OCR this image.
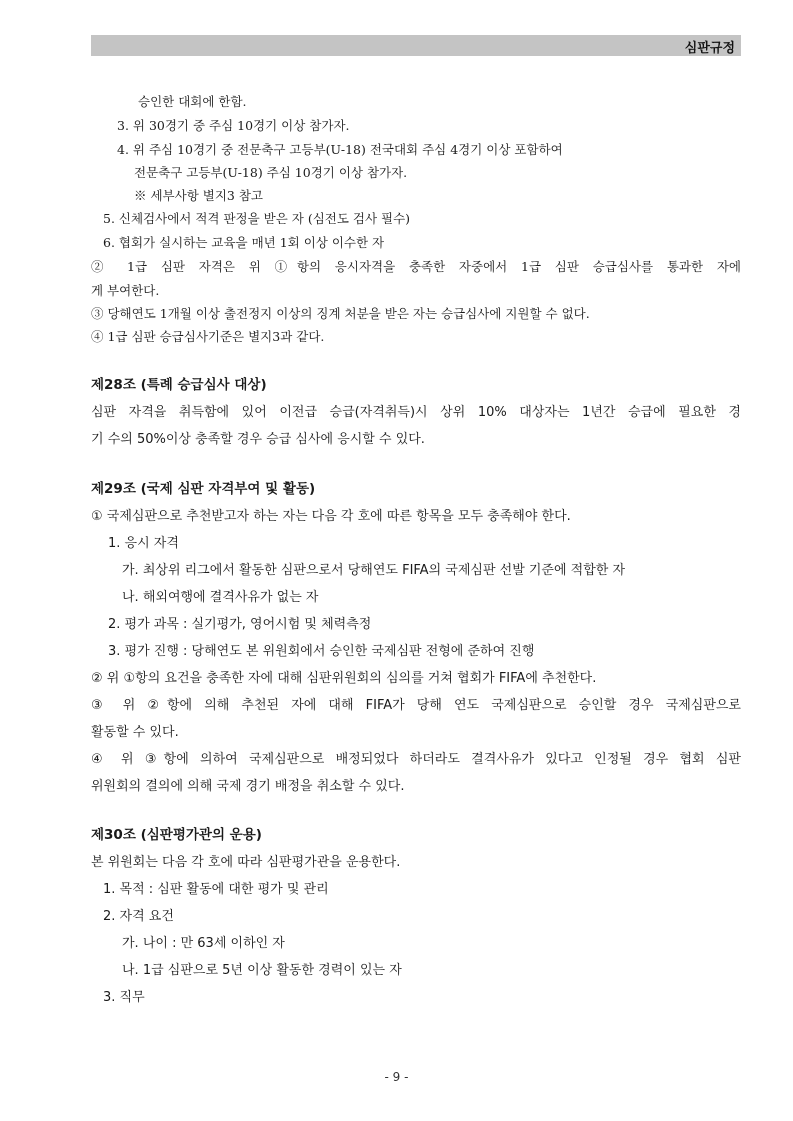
심판규정
승인한 대회에 한함.
3. 위 30경기 중 주심 10경기 이상 참가자.
4. 위 주심 10경기 중 전문축구 고등부(U-18) 전국대회 주심 4경기 이상 포함하여
전문축구 고등부(U-18) 주심 10경기 이상 참가자.
※ 세부사항 별지3 참고
5. 신체검사에서 적격 판정을 받은 자 (심전도 검사 필수)
6. 협회가 실시하는 교육을 매년 1회 이상 이수한 자
② 1급 심판 자격은 위 ①항의 응시자격을 충족한 자중에서 1급 심판 승급심사를 통과한 자에
게 부여한다.
③ 당해연도 1개월 이상 출전정지 이상의 징계 처분을 받은 자는 승급심사에 지원할 수 없다.
④ 1급 심판 승급심사기준은 별지3과 같다.
제28조 (특례 승급심사 대상)
심판 자격을 취득함에 있어 이전급 승급(자격취득)시 상위 10% 대상자는 1년간 승급에 필요한 경
기 수의 50%이상 충족할 경우 승급 심사에 응시할 수 있다.
제29조 (국제 심판 자격부여 및 활동)
① 국제심판으로 추천받고자 하는 자는 다음 각 호에 따른 항목을 모두 충족해야 한다.
1. 응시 자격
가. 최상위 리그에서 활동한 심판으로서 당해연도 FIFA의 국제심판 선발 기준에 적합한 자
나. 해외여행에 결격사유가 없는 자
2. 평가 과목 : 실기평가, 영어시험 및 체력측정
3. 평가 진행 : 당해연도 본 위원회에서 승인한 국제심판 전형에 준하여 진행
② 위 ①항의 요건을 충족한 자에 대해 심판위원회의 심의를 거쳐 협회가 FIFA에 추천한다.
③ 위 ②항에 의해 추천된 자에 대해 FIFA가 당해 연도 국제심판으로 승인할 경우 국제심판으로
활동할 수 있다.
④ 위 ③항에 의하여 국제심판으로 배정되었다 하더라도 결격사유가 있다고 인정될 경우 협회 심판
위원회의 결의에 의해 국제 경기 배정을 취소할 수 있다.
제30조 (심판평가관의 운용)
본 위원회는 다음 각 호에 따라 심판평가관을 운용한다.
1. 목적 : 심판 활동에 대한 평가 및 관리
2. 자격 요건
가. 나이 : 만 63세 이하인 자
나. 1급 심판으로 5년 이상 활동한 경력이 있는 자
3. 직무
- 9 -
